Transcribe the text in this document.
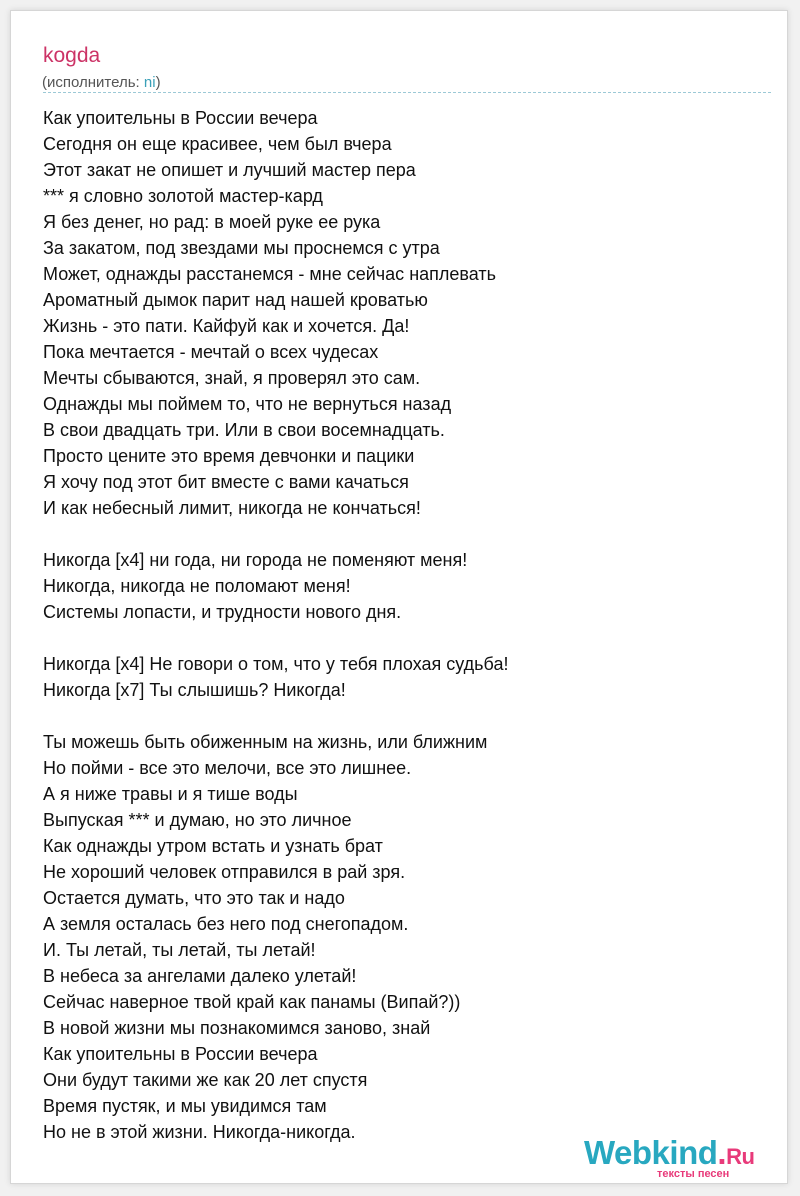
kogda
(исполнитель: ni)
Как упоительны в России вечера
Сегодня он еще красивее, чем был вчера
Этот закат не опишет и лучший мастер пера
*** я словно золотой мастер-кард
Я без денег, но рад: в моей руке ее рука
За закатом, под звездами мы проснемся с утра
Может, однажды расстанемся - мне сейчас наплевать
Ароматный дымок парит над нашей кроватью
Жизнь - это пати. Кайфуй как и хочется. Да!
Пока мечтается - мечтай о всех чудесах
Мечты сбываются, знай, я проверял это сам.
Однажды мы поймем то, что не вернуться назад
В свои двадцать три. Или в свои восемнадцать.
Просто цените это время девчонки и пацики
Я хочу под этот бит вместе с вами качаться
И как небесный лимит, никогда не кончаться!
Никогда [x4] ни года, ни города не поменяют меня!
Никогда, никогда не поломают меня!
Системы лопасти, и трудности нового дня.
Никогда [x4] Не говори о том, что у тебя плохая судьба!
Никогда [x7] Ты слышишь? Никогда!
Ты можешь быть обиженным на жизнь, или ближним
Но пойми - все это мелочи, все это лишнее.
А я ниже травы и я тише воды
Выпуская *** и думаю, но это личное
Как однажды утром встать и узнать брат
Не хороший человек отправился в рай зря.
Остается думать, что это так и надо
А земля осталась без него под снегопадом.
И. Ты летай, ты летай, ты летай!
В небеса за ангелами далеко улетай!
Сейчас наверное твой край как панамы (Випай?))
В новой жизни мы познакомимся заново, знай
Как упоительны в России вечера
Они будут такими же как 20 лет спустя
Время пустяк, и мы увидимся там
Но не в этой жизни. Никогда-никогда.
Webkind.Ru
тексты песен
